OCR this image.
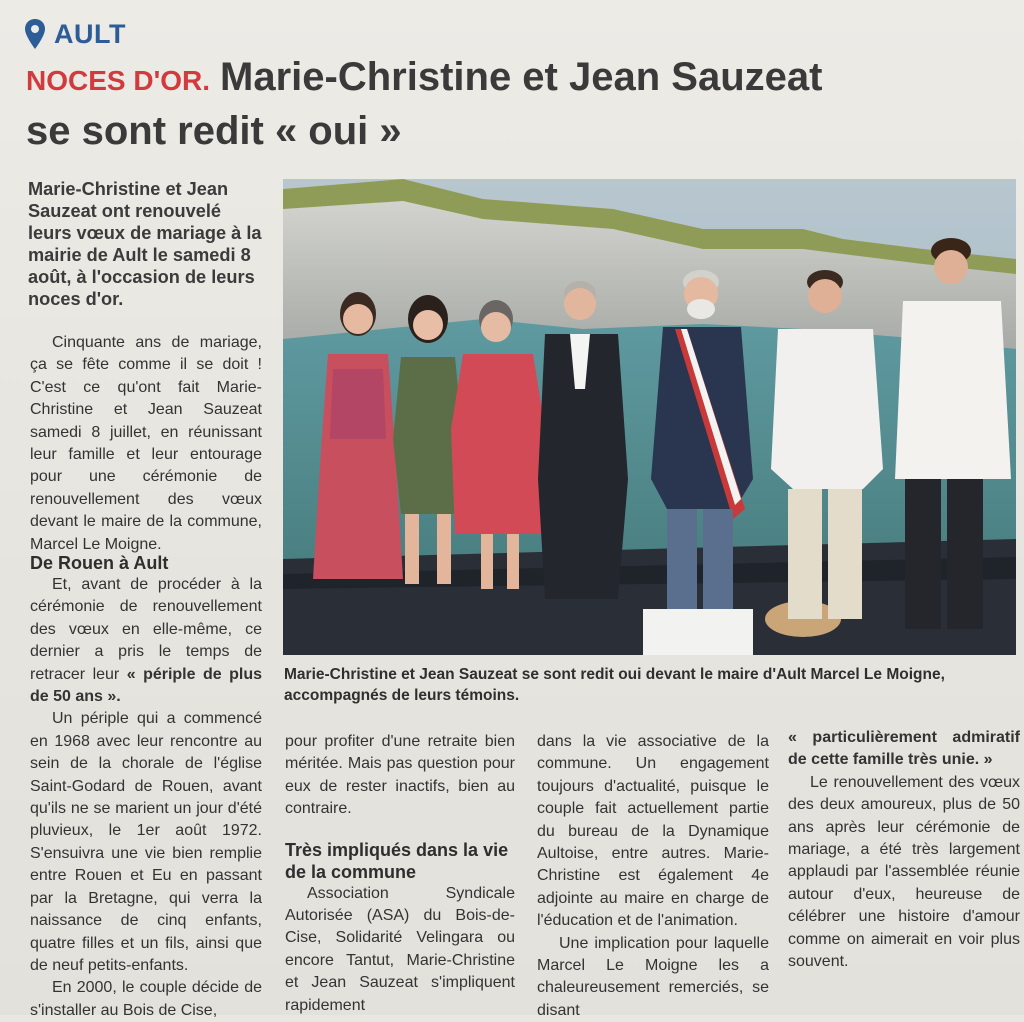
AULT
NOCES D'OR. Marie-Christine et Jean Sauzeat
se sont redit « oui »

Marie-Christine et Jean Sauzeat ont renouvelé leurs vœux de mariage à la mairie de Ault le samedi 8 août, à l'occasion de leurs noces d'or.

Marie-Christine et Jean Sauzeat se sont redit oui devant le maire d'Ault Marcel Le Moigne, accompagnés de leurs témoins.

Cinquante ans de mariage, ça se fête comme il se doit ! C'est ce qu'ont fait Marie-Christine et Jean Sauzeat samedi 8 juillet, en réunissant leur famille et leur entourage pour une cérémonie de renouvellement des vœux devant le maire de la commune, Marcel Le Moigne.

De Rouen à Ault

Et, avant de procéder à la cérémonie de renouvellement des vœux en elle-même, ce dernier a pris le temps de retracer leur « périple de plus de 50 ans ».

Un périple qui a commencé en 1968 avec leur rencontre au sein de la chorale de l'église Saint-Godard de Rouen, avant qu'ils ne se marient un jour d'été pluvieux, le 1er août 1972. S'ensuivra une vie bien remplie entre Rouen et Eu en passant par la Bretagne, qui verra la naissance de cinq enfants, quatre filles et un fils, ainsi que de neuf petits-enfants.

En 2000, le couple décide de s'installer au Bois de Cise,

pour profiter d'une retraite bien méritée. Mais pas question pour eux de rester inactifs, bien au contraire.

Très impliqués dans la vie de la commune

Association Syndicale Autorisée (ASA) du Bois-de-Cise, Solidarité Velingara ou encore Tantut, Marie-Christine et Jean Sauzeat s'impliquent rapidement

dans la vie associative de la commune. Un engagement toujours d'actualité, puisque le couple fait actuellement partie du bureau de la Dynamique Aultoise, entre autres. Marie-Christine est également 4e adjointe au maire en charge de l'éducation et de l'animation.

Une implication pour laquelle Marcel Le Moigne les a chaleureusement remerciés, se disant

« particulièrement admiratif de cette famille très unie. »

Le renouvellement des vœux des deux amoureux, plus de 50 ans après leur cérémonie de mariage, a été très largement applaudi par l'assemblée réunie autour d'eux, heureuse de célébrer une histoire d'amour comme on aimerait en voir plus souvent.
